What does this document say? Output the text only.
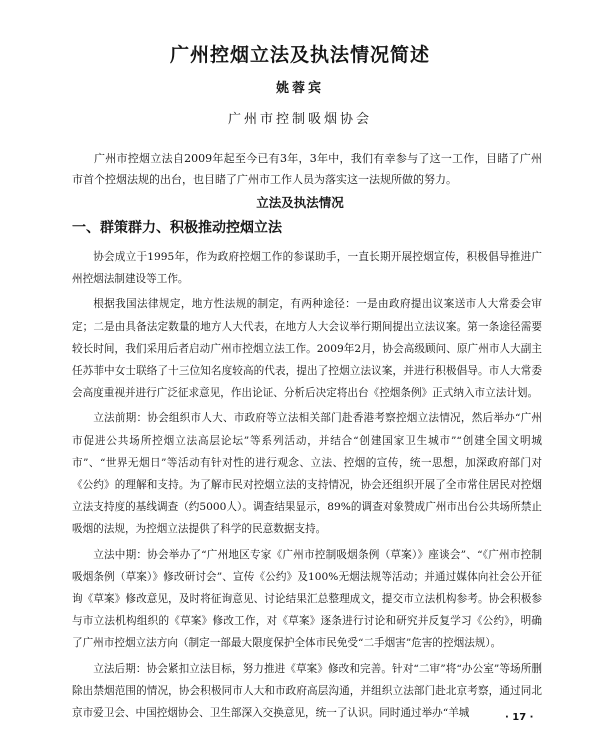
广州控烟立法及执法情况简述
姚蓉宾
广州市控制吸烟协会

广州市控烟立法自2009年起至今已有3年，3年中，我们有幸参与了这一工作，目睹了广州市首个控烟法规的出台，也目睹了广州市工作人员为落实这一法规所做的努力。

立法及执法情况
一、群策群力、积极推动控烟立法

协会成立于1995年，作为政府控烟工作的参谋助手，一直长期开展控烟宣传，积极倡导推进广州控烟法制建设等工作。

根据我国法律规定，地方性法规的制定，有两种途径：一是由政府提出议案送市人大常委会审定；二是由具备法定数量的地方人大代表，在地方人大会议举行期间提出立法议案。第一条途径需要较长时间，我们采用后者启动广州市控烟立法工作。2009年2月，协会高级顾问、原广州市人大副主任苏菲中女士联络了十三位知名度较高的代表，提出了控烟立法议案，并进行积极倡导。市人大常委会高度重视并进行广泛征求意见，作出论证、分析后决定将出台《控烟条例》正式纳入市立法计划。

立法前期：协会组织市人大、市政府等立法相关部门赴香港考察控烟立法情况，然后举办“广州市促进公共场所控烟立法高层论坛”等系列活动，并结合“创建国家卫生城市”“创建全国文明城市”、“世界无烟日”等活动有针对性的进行观念、立法、控烟的宣传，统一思想，加深政府部门对《公约》的理解和支持。为了解市民对控烟立法的支持情况，协会还组织开展了全市常住居民对控烟立法支持度的基线调查（约5000人）。调查结果显示，89%的调查对象赞成广州市出台公共场所禁止吸烟的法规，为控烟立法提供了科学的民意数据支持。

立法中期：协会举办了“广州地区专家《广州市控制吸烟条例（草案）》座谈会”、“《广州市控制吸烟条例（草案）》修改研讨会”、宣传《公约》及100%无烟法规等活动；并通过媒体向社会公开征询《草案》修改意见，及时将征询意见、讨论结果汇总整理成文，提交市立法机构参考。协会积极参与市立法机构组织的《草案》修改工作，对《草案》逐条进行讨论和研究并反复学习《公约》，明确了广州市控烟立法方向（制定一部最大限度保护全体市民免受“二手烟害”危害的控烟法规）。

立法后期：协会紧扣立法目标，努力推进《草案》修改和完善。针对“二审”将“办公室”等场所删除出禁烟范围的情况，协会积极同市人大和市政府高层沟通，并组织立法部门赴北京考察，通过同北京市爱卫会、中国控烟协会、卫生部深入交换意见，统一了认识。同时通过举办“羊城	· 17 ·
